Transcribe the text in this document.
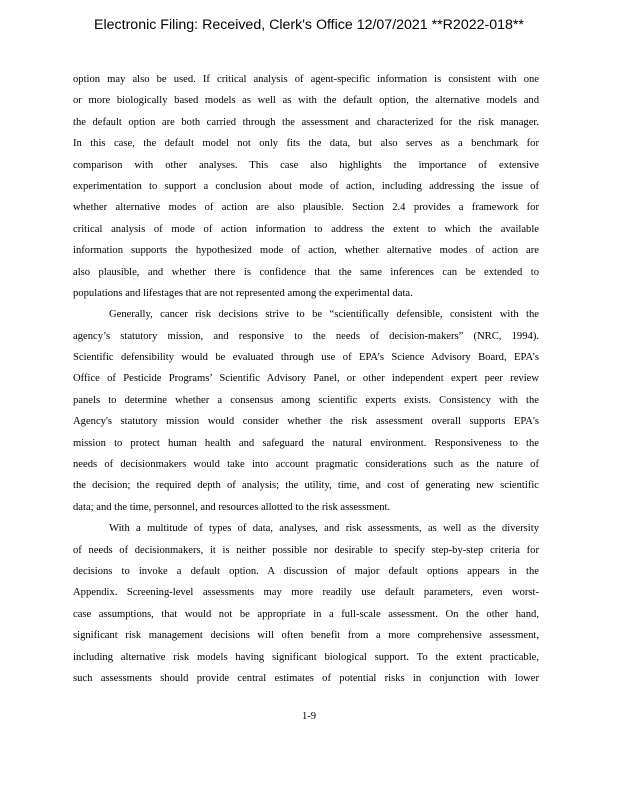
Electronic Filing: Received, Clerk's Office 12/07/2021 **R2022-018**
option may also be used. If critical analysis of agent-specific information is consistent with one
or more biologically based models as well as with the default option, the alternative models and
the default option are both carried through the assessment and characterized for the risk manager.
In this case, the default model not only fits the data, but also serves as a benchmark for
comparison with other analyses. This case also highlights the importance of extensive
experimentation to support a conclusion about mode of action, including addressing the issue of
whether alternative modes of action are also plausible. Section 2.4 provides a framework for
critical analysis of mode of action information to address the extent to which the available
information supports the hypothesized mode of action, whether alternative modes of action are
also plausible, and whether there is confidence that the same inferences can be extended to
populations and lifestages that are not represented among the experimental data.
Generally, cancer risk decisions strive to be “scientifically defensible, consistent with the
agency’s statutory mission, and responsive to the needs of decision-makers” (NRC, 1994).
Scientific defensibility would be evaluated through use of EPA’s Science Advisory Board, EPA’s
Office of Pesticide Programs’ Scientific Advisory Panel, or other independent expert peer review
panels to determine whether a consensus among scientific experts exists. Consistency with the
Agency's statutory mission would consider whether the risk assessment overall supports EPA's
mission to protect human health and safeguard the natural environment. Responsiveness to the
needs of decisionmakers would take into account pragmatic considerations such as the nature of
the decision; the required depth of analysis; the utility, time, and cost of generating new scientific
data; and the time, personnel, and resources allotted to the risk assessment.
With a multitude of types of data, analyses, and risk assessments, as well as the diversity
of needs of decisionmakers, it is neither possible nor desirable to specify step-by-step criteria for
decisions to invoke a default option. A discussion of major default options appears in the
Appendix. Screening-level assessments may more readily use default parameters, even worst-
case assumptions, that would not be appropriate in a full-scale assessment. On the other hand,
significant risk management decisions will often benefit from a more comprehensive assessment,
including alternative risk models having significant biological support. To the extent practicable,
such assessments should provide central estimates of potential risks in conjunction with lower
1-9
